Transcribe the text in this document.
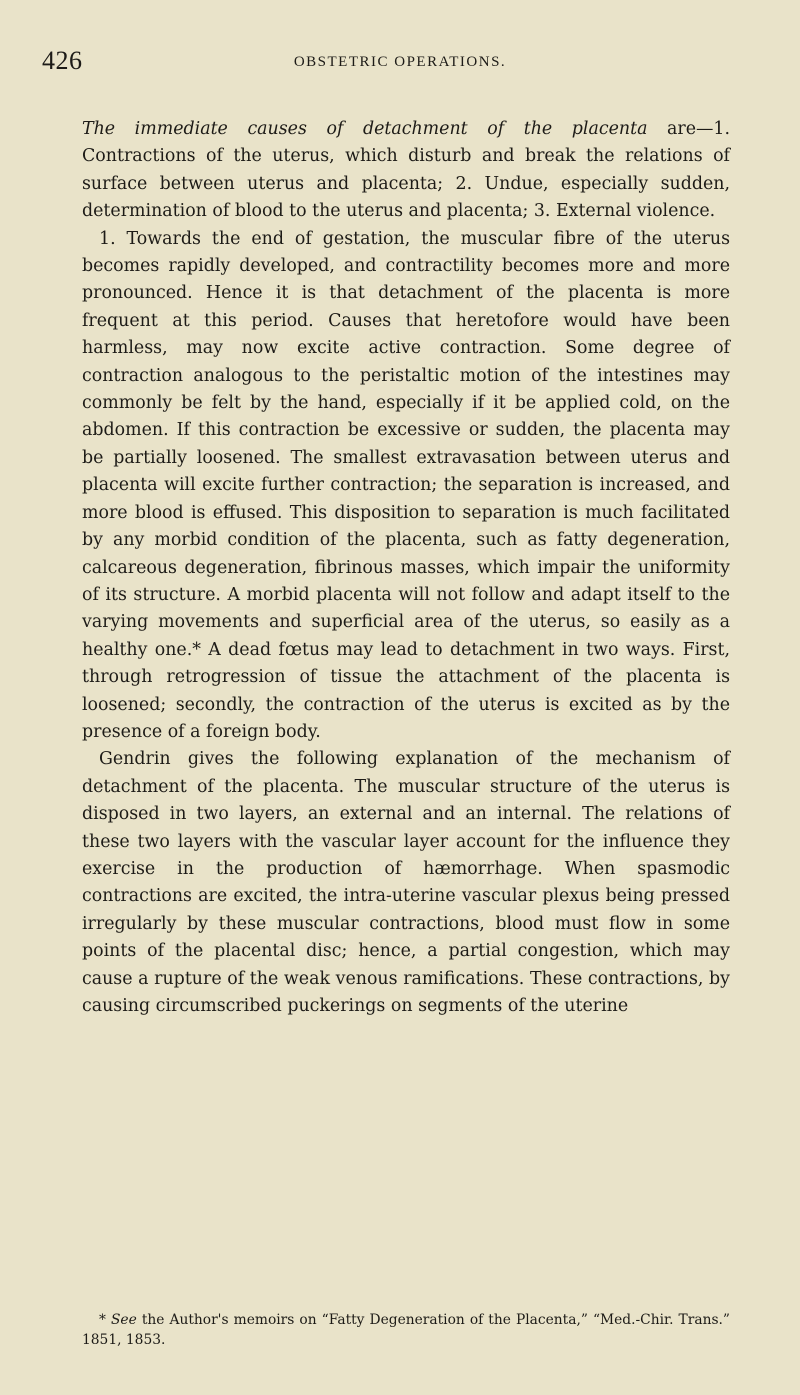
426	OBSTETRIC OPERATIONS.

The immediate causes of detachment of the placenta are—1. Contractions of the uterus, which disturb and break the relations of surface between uterus and placenta; 2. Undue, especially sudden, determination of blood to the uterus and placenta; 3. External violence.

1. Towards the end of gestation, the muscular fibre of the uterus becomes rapidly developed, and contractility becomes more and more pronounced. Hence it is that detachment of the placenta is more frequent at this period. Causes that heretofore would have been harmless, may now excite active contraction. Some degree of contraction analogous to the peristaltic motion of the intestines may commonly be felt by the hand, especially if it be applied cold, on the abdomen. If this contraction be excessive or sudden, the placenta may be partially loosened. The smallest extravasation between uterus and placenta will excite further contraction; the separation is increased, and more blood is effused. This disposition to separation is much facilitated by any morbid condition of the placenta, such as fatty degeneration, calcareous degeneration, fibrinous masses, which impair the uniformity of its structure. A morbid placenta will not follow and adapt itself to the varying movements and superficial area of the uterus, so easily as a healthy one.* A dead fœtus may lead to detachment in two ways. First, through retrogression of tissue the attachment of the placenta is loosened; secondly, the contraction of the uterus is excited as by the presence of a foreign body.

Gendrin gives the following explanation of the mechanism of detachment of the placenta. The muscular structure of the uterus is disposed in two layers, an external and an internal. The relations of these two layers with the vascular layer account for the influence they exercise in the production of hæmorrhage. When spasmodic contractions are excited, the intra-uterine vascular plexus being pressed irregularly by these muscular contractions, blood must flow in some points of the placental disc; hence, a partial congestion, which may cause a rupture of the weak venous ramifications. These contractions, by causing circumscribed puckerings on segments of the uterine

* See the Author's memoirs on “Fatty Degeneration of the Placenta,” “Med.-Chir. Trans.” 1851, 1853.
